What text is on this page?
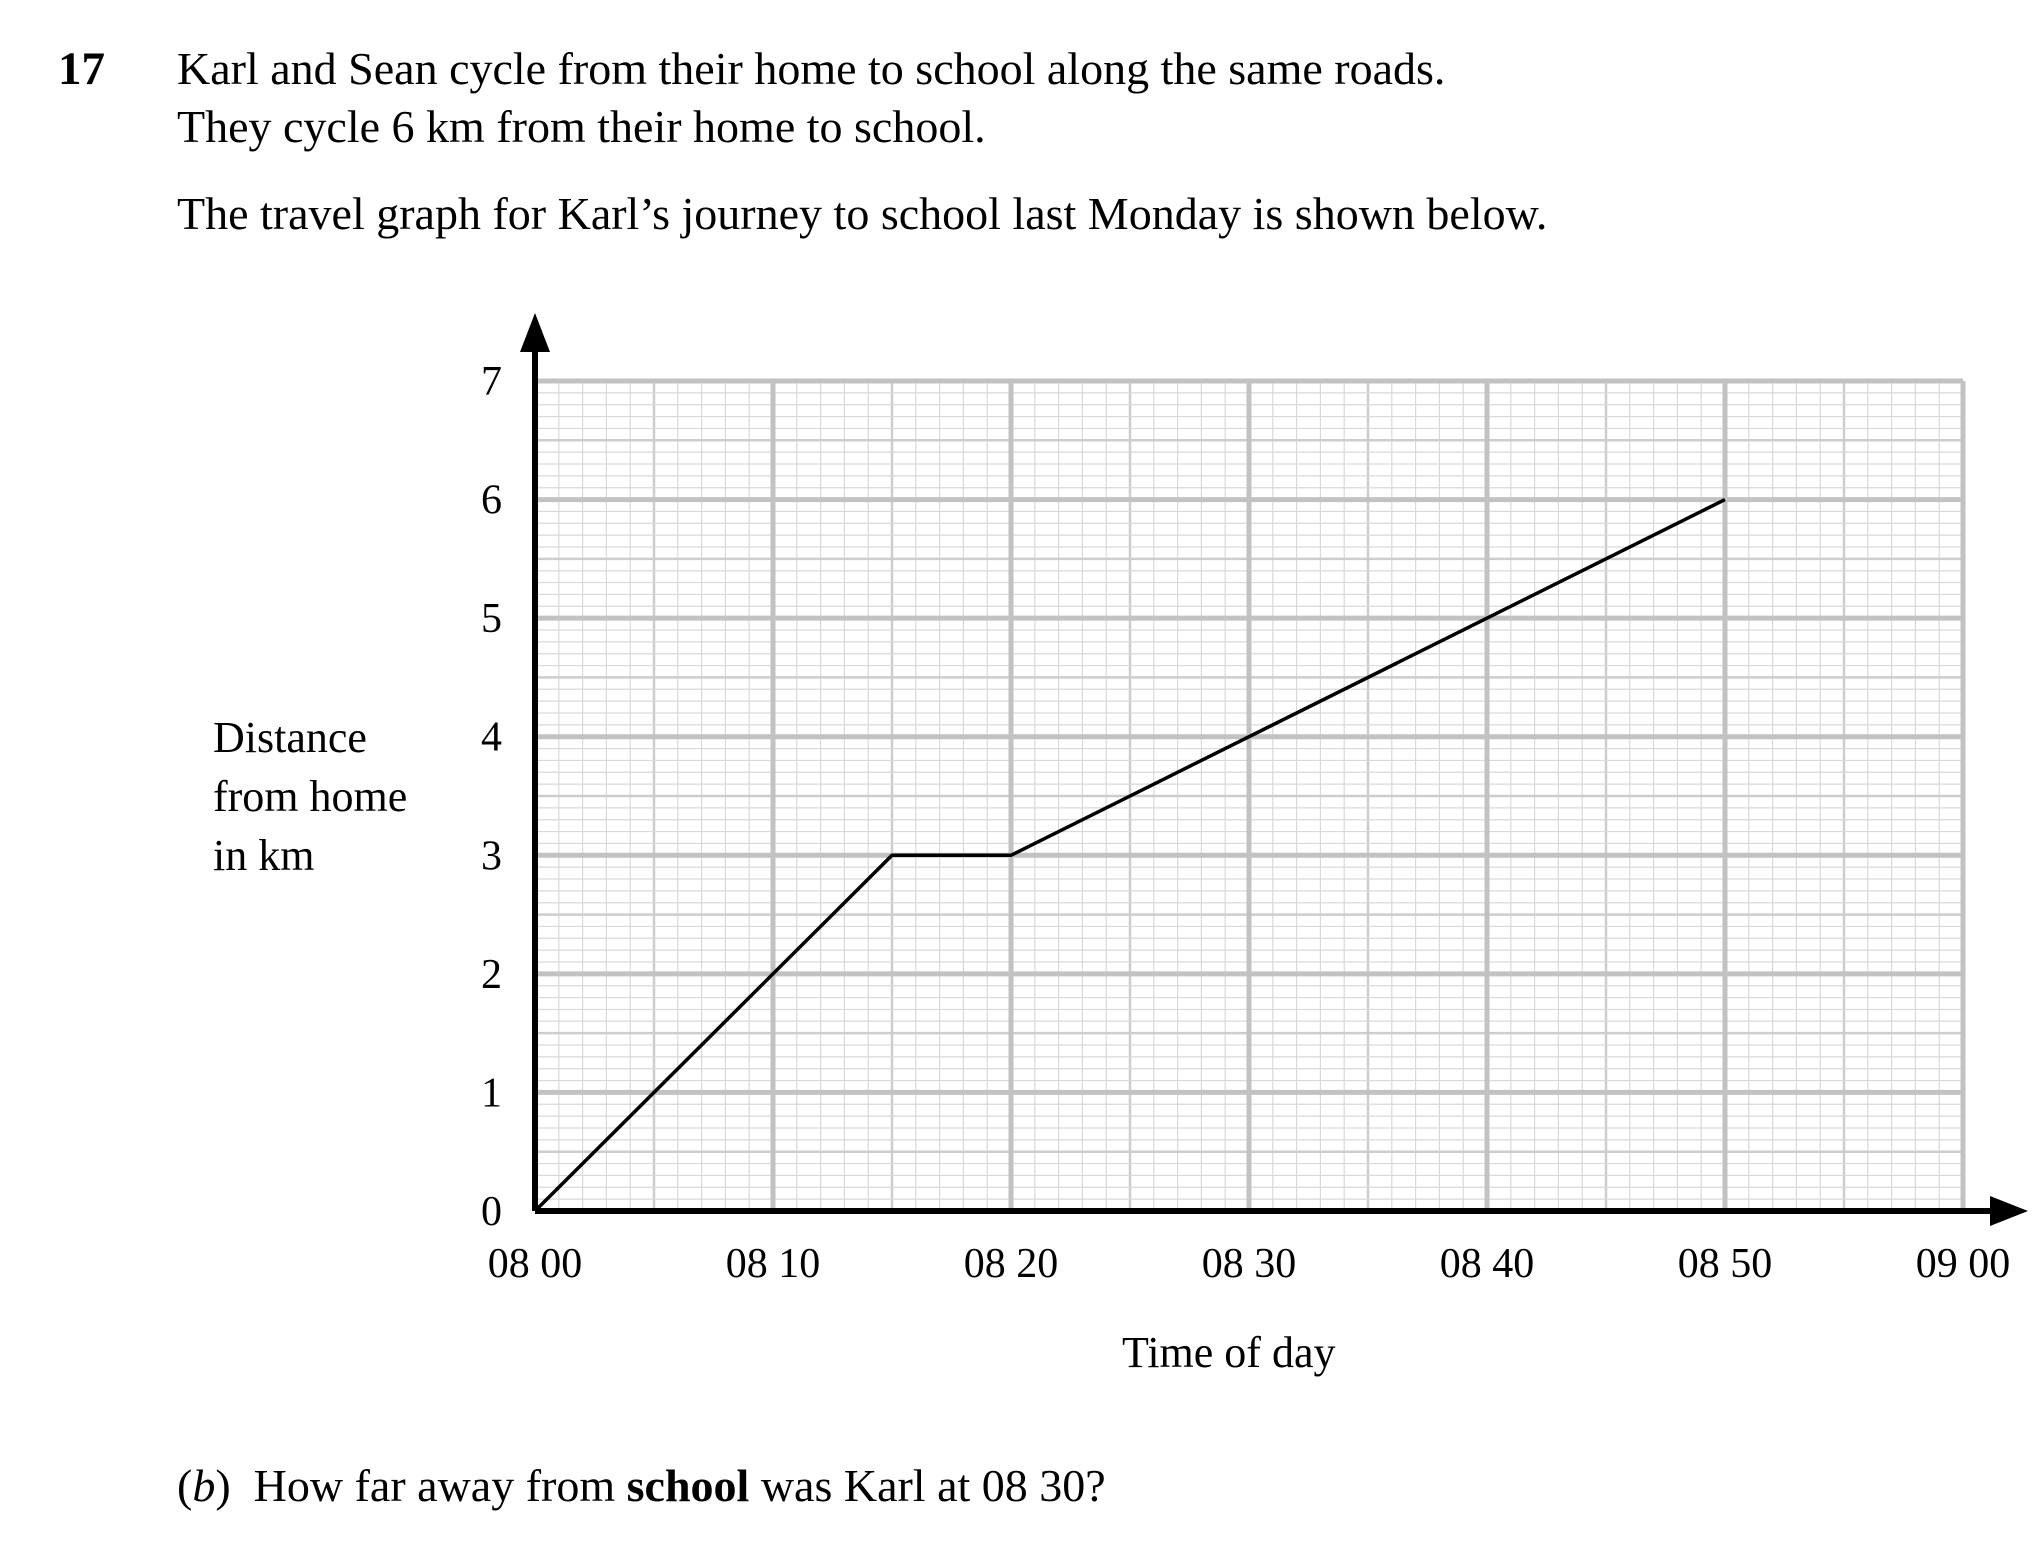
17 Karl and Sean cycle from their home to school along the same roads.
They cycle 6 km from their home to school.
The travel graph for Karl’s journey to school last Monday is shown below.
0
1
2
3
4
5
6
7
08 00	08 10	08 20	08 30	08 40	08 50	09 00
Distance
from home
in km
Time of day
(b)  How far away from school was Karl at 08 30?
